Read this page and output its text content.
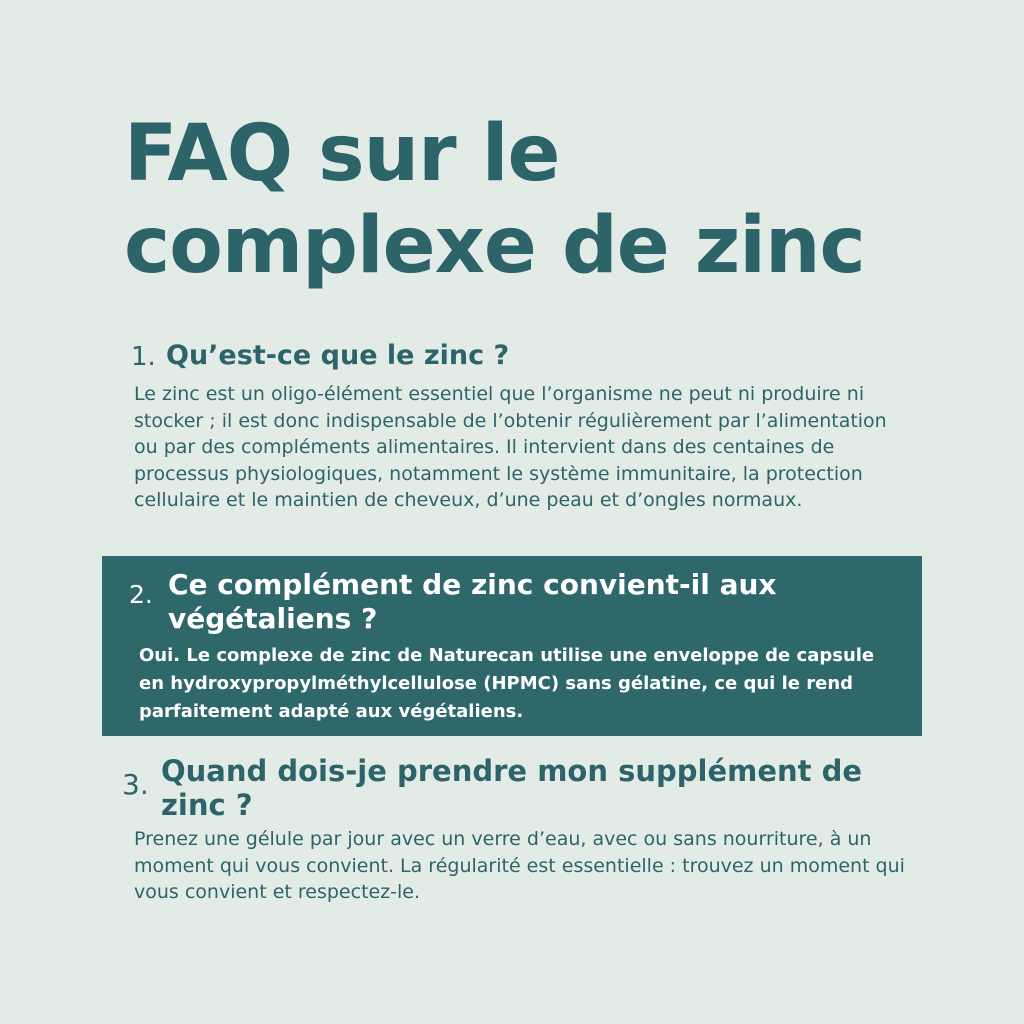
FAQ sur le complexe de zinc
1. Qu’est-ce que le zinc ?

Le zinc est un oligo-élément essentiel que l’organisme ne peut ni produire ni stocker ; il est donc indispensable de l’obtenir régulièrement par l’alimentation ou par des compléments alimentaires. Il intervient dans des centaines de processus physiologiques, notamment le système immunitaire, la protection cellulaire et le maintien de cheveux, d’une peau et d’ongles normaux.

2. Ce complément de zinc convient-il aux végétaliens ?

Oui. Le complexe de zinc de Naturecan utilise une enveloppe de capsule en hydroxypropylméthylcellulose (HPMC) sans gélatine, ce qui le rend parfaitement adapté aux végétaliens.

3. Quand dois-je prendre mon supplément de zinc ?

Prenez une gélule par jour avec un verre d’eau, avec ou sans nourriture, à un moment qui vous convient. La régularité est essentielle : trouvez un moment qui vous convient et respectez-le.
